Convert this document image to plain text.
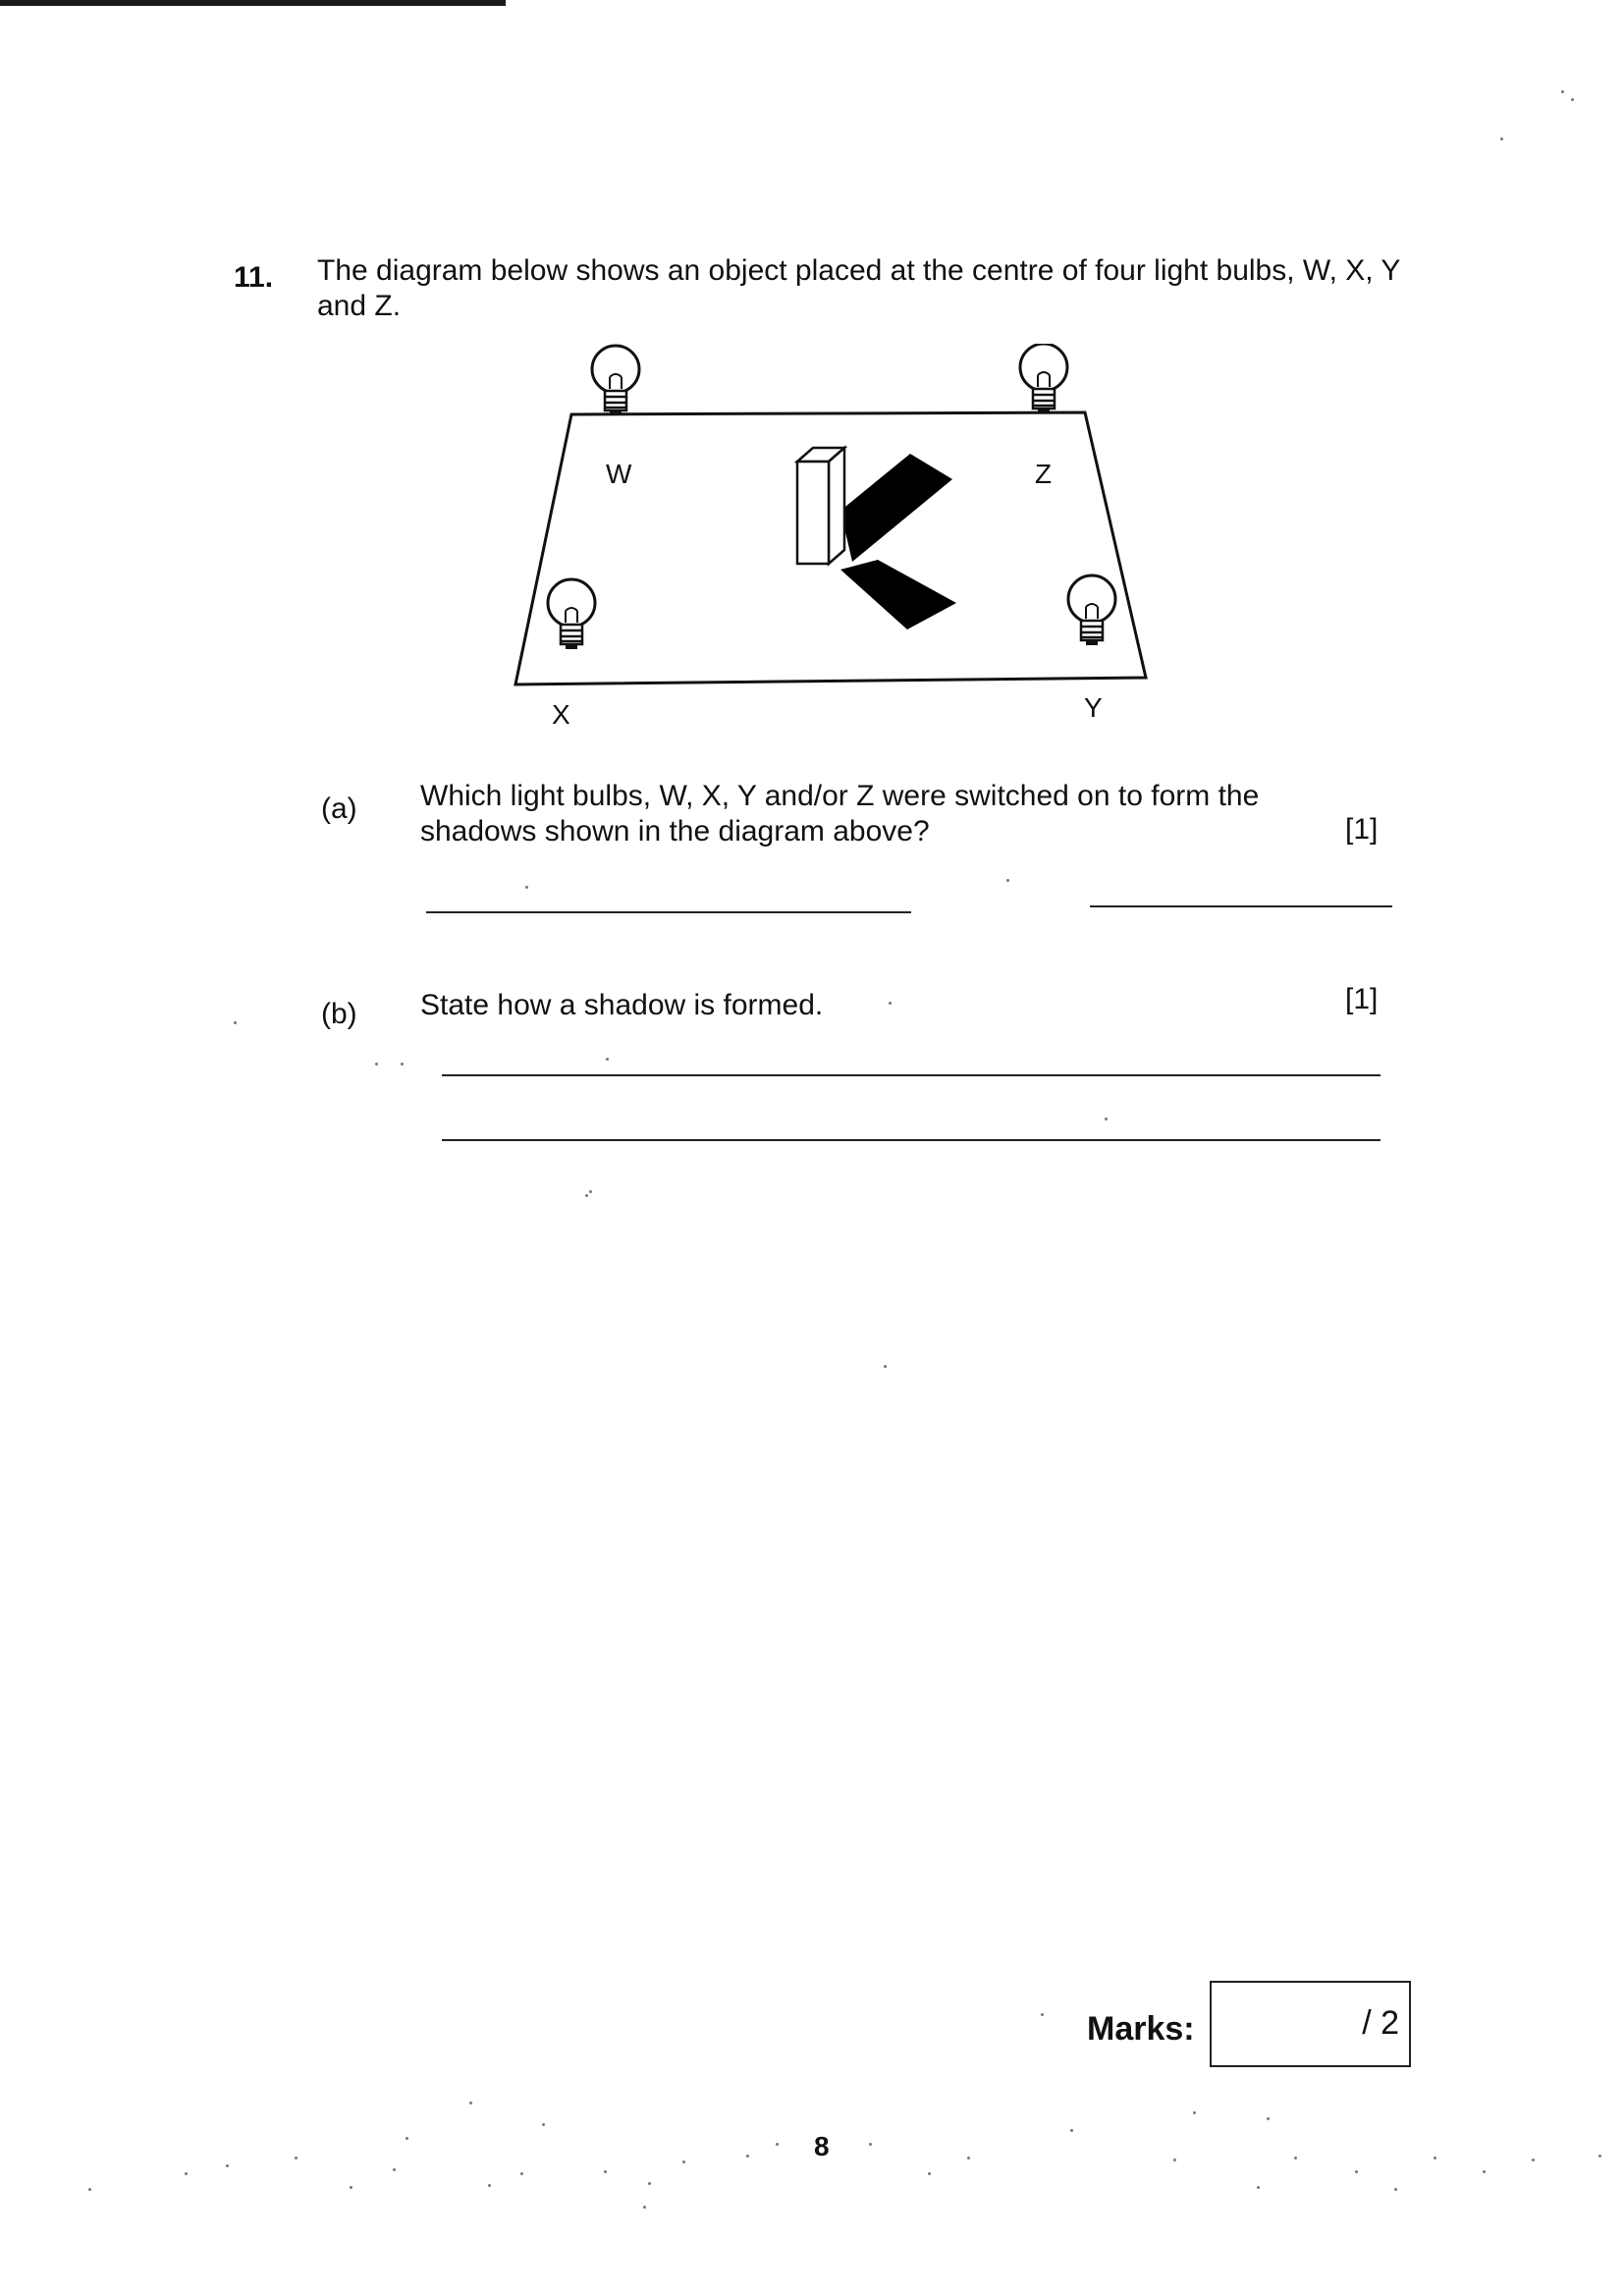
11. The diagram below shows an object placed at the centre of four light bulbs, W, X, Y and Z.
W	Z
X	Y
(a) Which light bulbs, W, X, Y and/or Z were switched on to form the shadows shown in the diagram above?	[1]
(b) State how a shadow is formed.	[1]
Marks:	/ 2
8
